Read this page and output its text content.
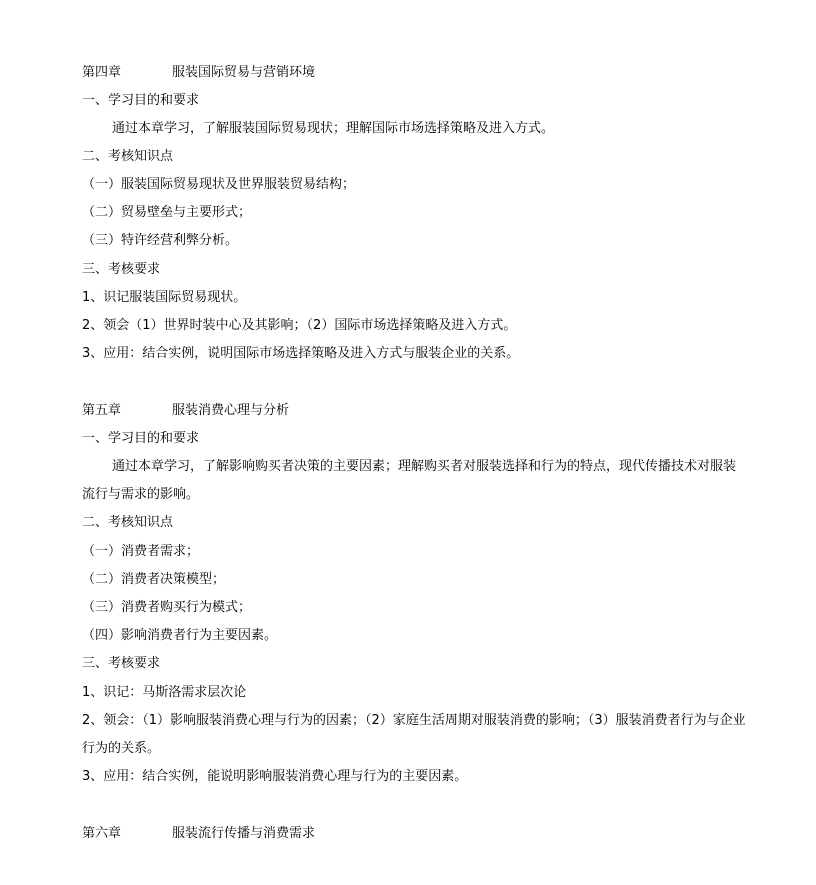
第四章	服装国际贸易与营销环境
一、学习目的和要求
通过本章学习，了解服装国际贸易现状；理解国际市场选择策略及进入方式。
二、考核知识点
（一）服装国际贸易现状及世界服装贸易结构；
（二）贸易壁垒与主要形式；
（三）特许经营利弊分析。
三、考核要求
1、识记服装国际贸易现状。
2、领会（1）世界时装中心及其影响；（2）国际市场选择策略及进入方式。
3、应用：结合实例，说明国际市场选择策略及进入方式与服装企业的关系。
第五章	服装消费心理与分析
一、学习目的和要求
通过本章学习，了解影响购买者决策的主要因素；理解购买者对服装选择和行为的特点，现代传播技术对服装
流行与需求的影响。
二、考核知识点
（一）消费者需求；
（二）消费者决策模型；
（三）消费者购买行为模式；
（四）影响消费者行为主要因素。
三、考核要求
1、识记：马斯洛需求层次论
2、领会：（1）影响服装消费心理与行为的因素；（2）家庭生活周期对服装消费的影响；（3）服装消费者行为与企业
行为的关系。
3、应用：结合实例，能说明影响服装消费心理与行为的主要因素。
第六章	服装流行传播与消费需求
